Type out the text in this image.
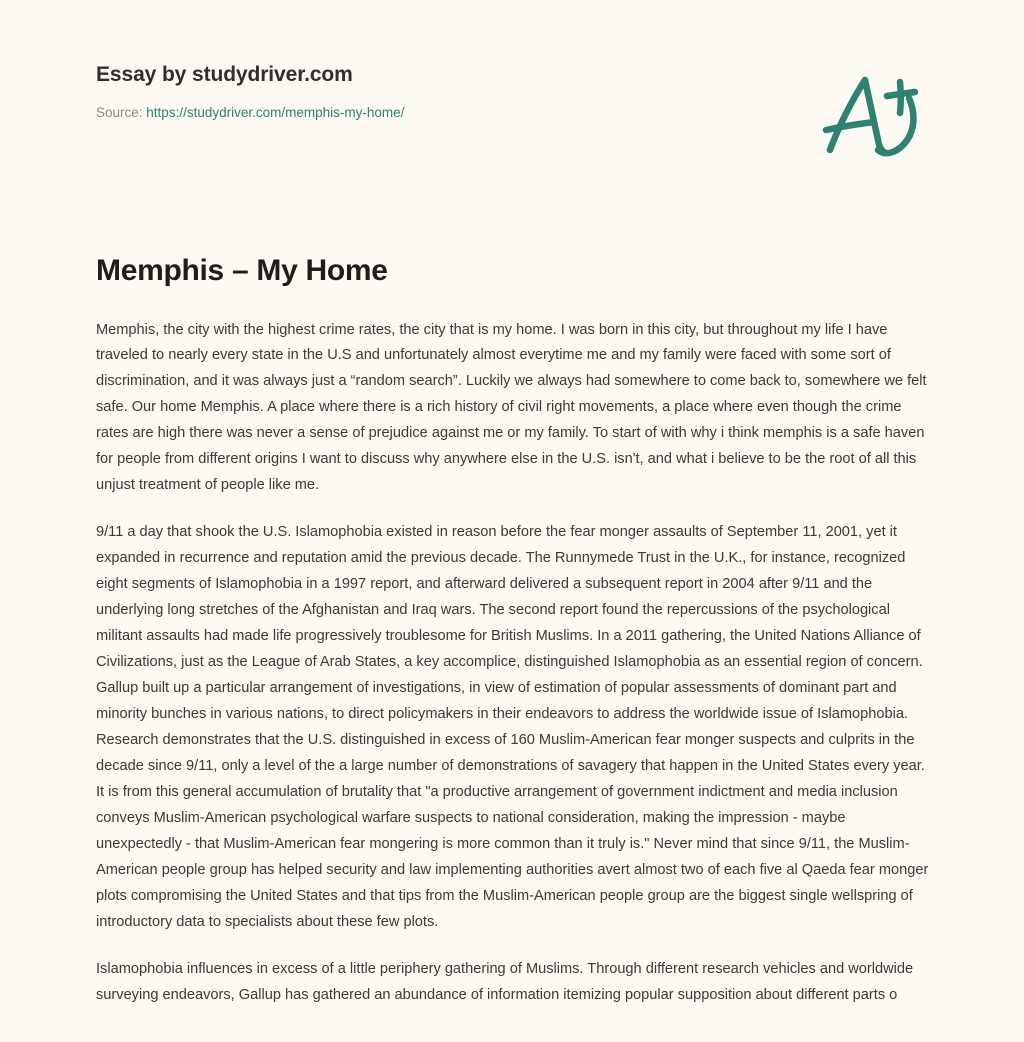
Essay by studydriver.com
Source: https://studydriver.com/memphis-my-home/
Memphis – My Home

Memphis, the city with the highest crime rates, the city that is my home. I was born in this city, but throughout my life I have traveled to nearly every state in the U.S and unfortunately almost everytime me and my family were faced with some sort of discrimination, and it was always just a “random search”. Luckily we always had somewhere to come back to, somewhere we felt safe. Our home Memphis. A place where there is a rich history of civil right movements, a place where even though the crime rates are high there was never a sense of prejudice against me or my family. To start of with why i think memphis is a safe haven for people from different origins I want to discuss why anywhere else in the U.S. isn't, and what i believe to be the root of all this unjust treatment of people like me.

9/11 a day that shook the U.S. Islamophobia existed in reason before the fear monger assaults of September 11, 2001, yet it expanded in recurrence and reputation amid the previous decade. The Runnymede Trust in the U.K., for instance, recognized eight segments of Islamophobia in a 1997 report, and afterward delivered a subsequent report in 2004 after 9/11 and the underlying long stretches of the Afghanistan and Iraq wars. The second report found the repercussions of the psychological militant assaults had made life progressively troublesome for British Muslims. In a 2011 gathering, the United Nations Alliance of Civilizations, just as the League of Arab States, a key accomplice, distinguished Islamophobia as an essential region of concern. Gallup built up a particular arrangement of investigations, in view of estimation of popular assessments of dominant part and minority bunches in various nations, to direct policymakers in their endeavors to address the worldwide issue of Islamophobia. Research demonstrates that the U.S. distinguished in excess of 160 Muslim-American fear monger suspects and culprits in the decade since 9/11, only a level of the a large number of demonstrations of savagery that happen in the United States every year. It is from this general accumulation of brutality that "a productive arrangement of government indictment and media inclusion conveys Muslim-American psychological warfare suspects to national consideration, making the impression - maybe unexpectedly - that Muslim-American fear mongering is more common than it truly is." Never mind that since 9/11, the Muslim-American people group has helped security and law implementing authorities avert almost two of each five al Qaeda fear monger plots compromising the United States and that tips from the Muslim-American people group are the biggest single wellspring of introductory data to specialists about these few plots.

Islamophobia influences in excess of a little periphery gathering of Muslims. Through different research vehicles and worldwide surveying endeavors, Gallup has gathered an abundance of information itemizing popular supposition about different parts o
